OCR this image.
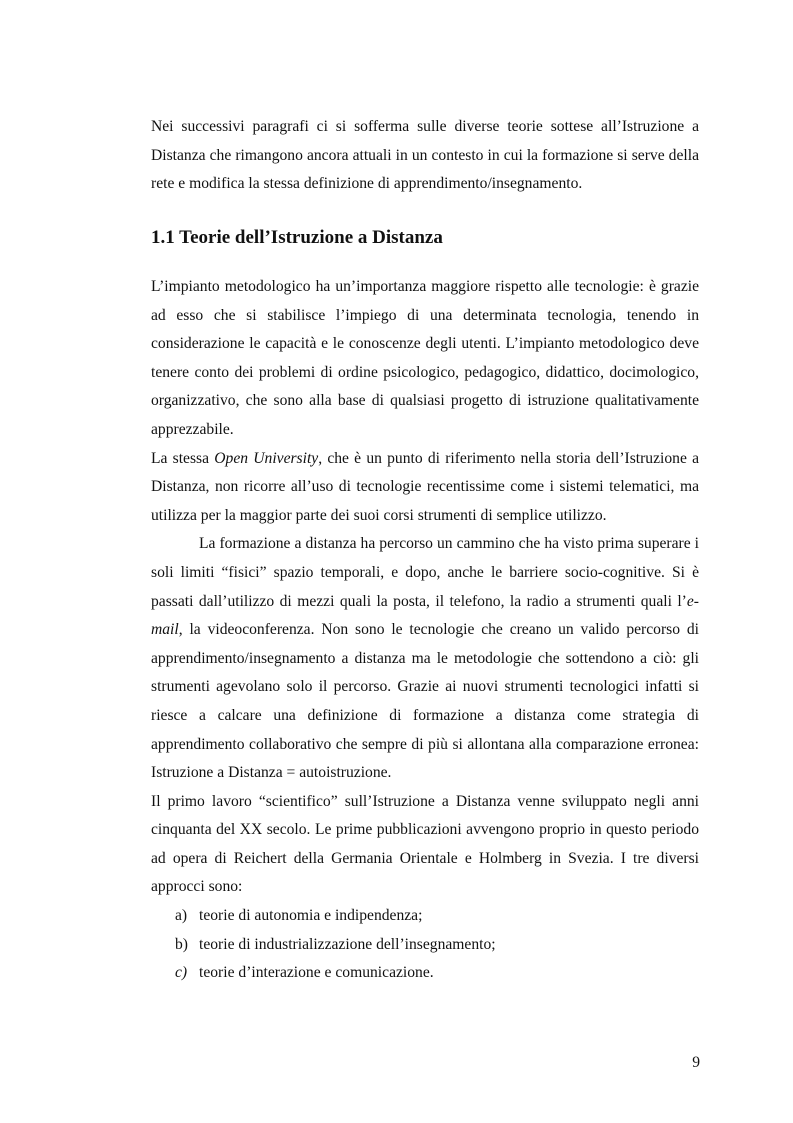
Nei successivi paragrafi ci si sofferma sulle diverse teorie sottese all’Istruzione a Distanza che rimangono ancora attuali in un contesto in cui la formazione si serve della rete e modifica la stessa definizione di apprendimento/insegnamento.

1.1 Teorie dell’Istruzione a Distanza

L’impianto metodologico ha un’importanza maggiore rispetto alle tecnologie: è grazie ad esso che si stabilisce l’impiego di una determinata tecnologia, tenendo in considerazione le capacità e le conoscenze degli utenti. L’impianto metodologico deve tenere conto dei problemi di ordine psicologico, pedagogico, didattico, docimologico, organizzativo, che sono alla base di qualsiasi progetto di istruzione qualitativamente apprezzabile.

La stessa Open University, che è un punto di riferimento nella storia dell’Istruzione a Distanza, non ricorre all’uso di tecnologie recentissime come i sistemi telematici, ma utilizza per la maggior parte dei suoi corsi strumenti di semplice utilizzo.

La formazione a distanza ha percorso un cammino che ha visto prima superare i soli limiti “fisici” spazio temporali, e dopo, anche le barriere socio-cognitive. Si è passati dall’utilizzo di mezzi quali la posta, il telefono, la radio a strumenti quali l’e-mail, la videoconferenza. Non sono le tecnologie che creano un valido percorso di apprendimento/insegnamento a distanza ma le metodologie che sottendono a ciò: gli strumenti agevolano solo il percorso. Grazie ai nuovi strumenti tecnologici infatti si riesce a calcare una definizione di formazione a distanza come strategia di apprendimento collaborativo che sempre di più si allontana alla comparazione erronea: Istruzione a Distanza = autoistruzione.

Il primo lavoro “scientifico” sull’Istruzione a Distanza venne sviluppato negli anni cinquanta del XX secolo. Le prime pubblicazioni avvengono proprio in questo periodo ad opera di Reichert della Germania Orientale e Holmberg in Svezia. I tre diversi approcci sono:

a) teorie di autonomia e indipendenza;
b) teorie di industrializzazione dell’insegnamento;
c) teorie d’interazione e comunicazione.
9
